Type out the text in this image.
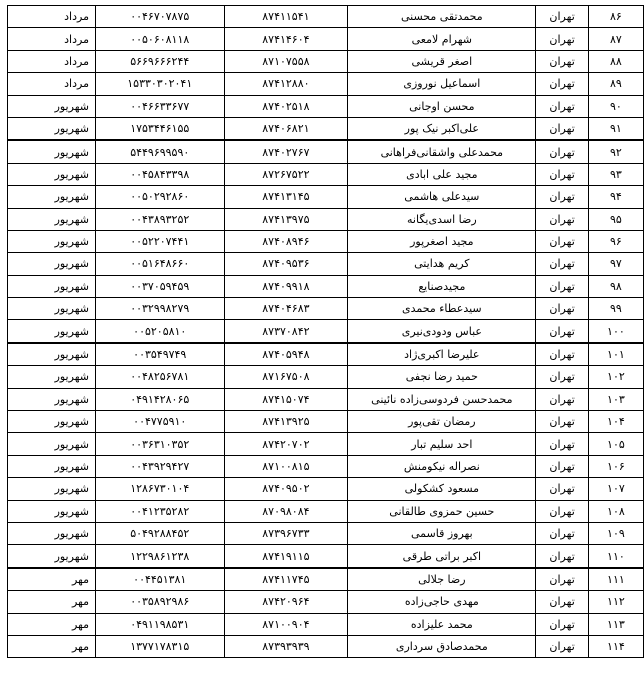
مرداد	۰۰۴۶۷۰۷۸۷۵	۸۷۴۱۱۵۴۱	محمدتقی محسنی	تهران	۸۶
مرداد	۰۰۵۰۶۰۸۱۱۸	۸۷۴۱۴۶۰۴	شهرام لامعی	تهران	۸۷
مرداد	۵۶۶۹۶۶۶۲۴۴	۸۷۱۰۷۵۵۸	اصغر قریشی	تهران	۸۸
مرداد	۱۵۳۳۰۳۰۲۰۴۱	۸۷۴۱۲۸۸۰	اسماعیل نوروزی	تهران	۸۹
شهریور	۰۰۴۶۶۳۳۶۷۷	۸۷۴۰۲۵۱۸	محسن اوجانی	تهران	۹۰
شهریور	۱۷۵۳۴۴۶۱۵۵	۸۷۴۰۶۸۲۱	علی‌اکبر نیک پور	تهران	۹۱
شهریور	۵۴۴۹۶۹۹۵۹۰	۸۷۴۰۲۷۶۷	محمدعلی واشقانی‌فراهانی	تهران	۹۲
شهریور	۰۰۴۵۸۴۳۳۹۸	۸۷۲۶۷۵۲۲	مجید علی ابادی	تهران	۹۳
شهریور	۰۰۵۰۲۹۲۸۶۰	۸۷۴۱۳۱۴۵	سیدعلی هاشمی	تهران	۹۴
شهریور	۰۰۴۳۸۹۳۲۵۲	۸۷۴۱۳۹۷۵	رضا اسدی‌یگانه	تهران	۹۵
شهریور	۰۰۵۲۲۰۷۴۴۱	۸۷۴۰۸۹۴۶	مجید اصغرپور	تهران	۹۶
شهریور	۰۰۵۱۶۴۸۶۶۰	۸۷۴۰۹۵۳۶	کریم هدایتی	تهران	۹۷
شهریور	۰۰۳۷۰۵۹۴۵۹	۸۷۴۰۹۹۱۸	مجیدصنایع	تهران	۹۸
شهریور	۰۰۳۲۹۹۸۲۷۹	۸۷۴۰۴۶۸۳	سیدعطاء محمدی	تهران	۹۹
شهریور	۰۰۵۲۰۵۸۱۰	۸۷۳۷۰۸۴۲	عباس ودودی‌نیری	تهران	۱۰۰
شهریور	۰۰۳۵۴۹۷۴۹	۸۷۴۰۵۹۴۸	علیرضا اکبری‌ژاد	تهران	۱۰۱
شهریور	۰۰۴۸۲۵۶۷۸۱	۸۷۱۶۷۵۰۸	حمید رضا نجفی	تهران	۱۰۲
شهریور	۰۴۹۱۴۲۸۰۶۵	۸۷۴۱۵۰۷۴	محمدحسن فردوسی‌زاده نائینی	تهران	۱۰۳
شهریور	۰۰۴۷۷۵۹۱۰	۸۷۴۱۳۹۲۵	رمضان تقی‌پور	تهران	۱۰۴
شهریور	۰۰۳۶۳۱۰۳۵۲	۸۷۴۲۰۷۰۲	احد سلیم تبار	تهران	۱۰۵
شهریور	۰۰۴۳۹۲۹۴۲۷	۸۷۱۰۰۸۱۵	نصراله نیکومنش	تهران	۱۰۶
شهریور	۱۲۸۶۷۳۰۱۰۴	۸۷۴۰۹۵۰۲	مسعود کشکولی	تهران	۱۰۷
شهریور	۰۰۴۱۲۳۵۲۸۲	۸۷۰۹۸۰۸۴	حسین حمزوی طالقانی	تهران	۱۰۸
شهریور	۵۰۴۹۲۸۸۴۵۲	۸۷۳۹۶۷۳۳	بهروز قاسمی	تهران	۱۰۹
شهریور	۱۲۲۹۸۶۱۲۳۸	۸۷۴۱۹۱۱۵	اکبر براتی طرقی	تهران	۱۱۰
مهر	۰۰۴۴۵۱۳۸۱	۸۷۴۱۱۷۴۵	رضا جلالی	تهران	۱۱۱
مهر	۰۰۳۵۸۹۲۹۸۶	۸۷۴۲۰۹۶۴	مهدی حاجی‌زاده	تهران	۱۱۲
مهر	۰۴۹۱۱۹۸۵۳۱	۸۷۱۰۰۹۰۴	محمد علیزاده	تهران	۱۱۳
مهر	۱۳۷۷۱۷۸۳۱۵	۸۷۳۹۳۹۳۹	محمدصادق سرداری	تهران	۱۱۴
